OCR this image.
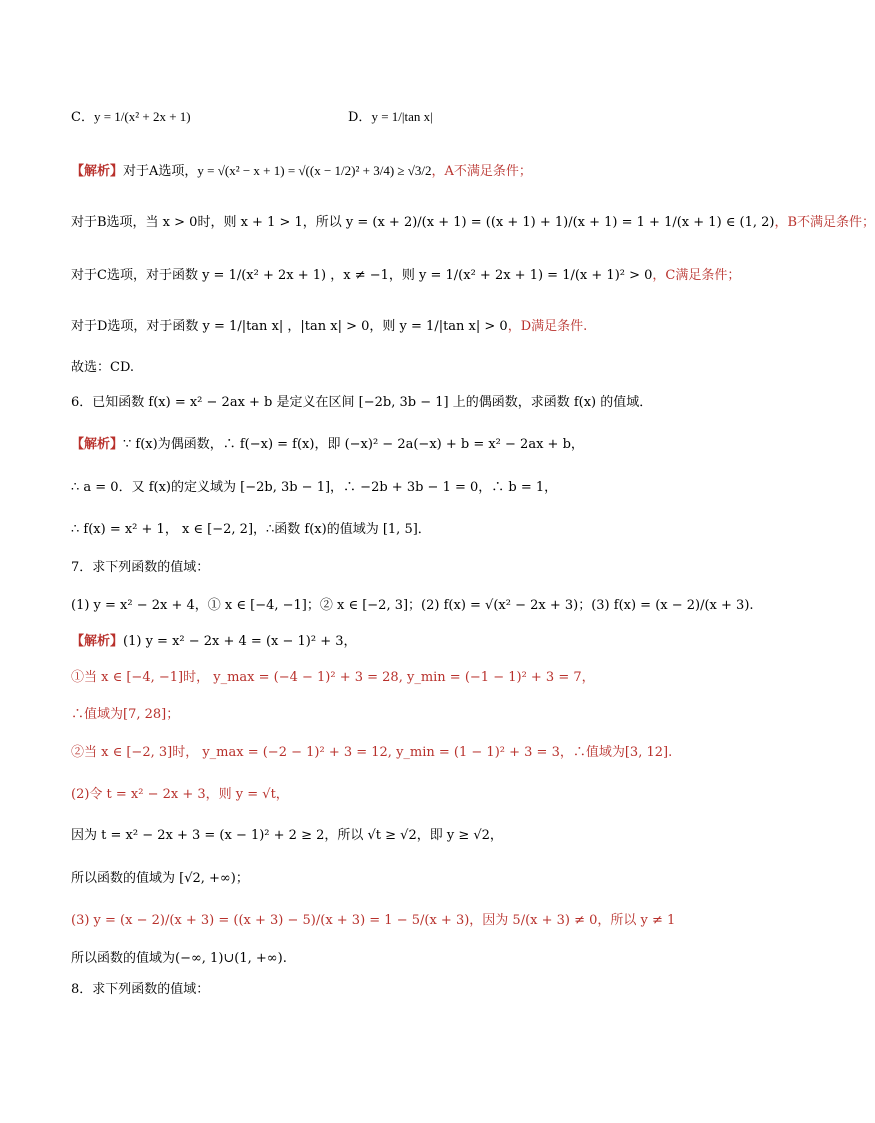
C．y = 1/(x² + 2x + 1)	D．y = 1/|tan x|
【解析】对于A选项，y = √(x² − x + 1) = √((x − 1/2)² + 3/4) ≥ √3/2，A不满足条件；
对于B选项，当 x > 0时，则 x + 1 > 1，所以 y = (x + 2)/(x + 1) = ((x + 1) + 1)/(x + 1) = 1 + 1/(x + 1) ∈ (1, 2)，B不满足条件；
对于C选项，对于函数 y = 1/(x² + 2x + 1) ，x ≠ −1，则 y = 1/(x² + 2x + 1) = 1/(x + 1)² > 0，C满足条件；
对于D选项，对于函数 y = 1/|tan x| ，|tan x| > 0，则 y = 1/|tan x| > 0，D满足条件.
故选：CD.
6．已知函数 f(x) = x² − 2ax + b 是定义在区间 [−2b, 3b − 1] 上的偶函数，求函数 f(x) 的值域．
【解析】∵ f(x)为偶函数，∴ f(−x) = f(x)，即 (−x)² − 2a(−x) + b = x² − 2ax + b，
∴ a = 0．又 f(x)的定义域为 [−2b, 3b − 1]，∴ −2b + 3b − 1 = 0，∴ b = 1，
∴ f(x) = x² + 1， x ∈ [−2, 2]，∴函数 f(x)的值域为 [1, 5]．
7．求下列函数的值域：
(1) y = x² − 2x + 4，① x ∈ [−4, −1]；② x ∈ [−2, 3]；(2) f(x) = √(x² − 2x + 3)；(3) f(x) = (x − 2)/(x + 3).
【解析】(1) y = x² − 2x + 4 = (x − 1)² + 3，
①当 x ∈ [−4, −1]时， y_max = (−4 − 1)² + 3 = 28, y_min = (−1 − 1)² + 3 = 7，
∴值域为[7, 28]；
②当 x ∈ [−2, 3]时， y_max = (−2 − 1)² + 3 = 12, y_min = (1 − 1)² + 3 = 3，∴值域为[3, 12].
(2)令 t = x² − 2x + 3，则 y = √t，
因为 t = x² − 2x + 3 = (x − 1)² + 2 ≥ 2，所以 √t ≥ √2，即 y ≥ √2，
所以函数的值域为 [√2, +∞)；
(3) y = (x − 2)/(x + 3) = ((x + 3) − 5)/(x + 3) = 1 − 5/(x + 3)，因为 5/(x + 3) ≠ 0，所以 y ≠ 1
所以函数的值域为(−∞, 1)∪(1, +∞).
8．求下列函数的值域：
